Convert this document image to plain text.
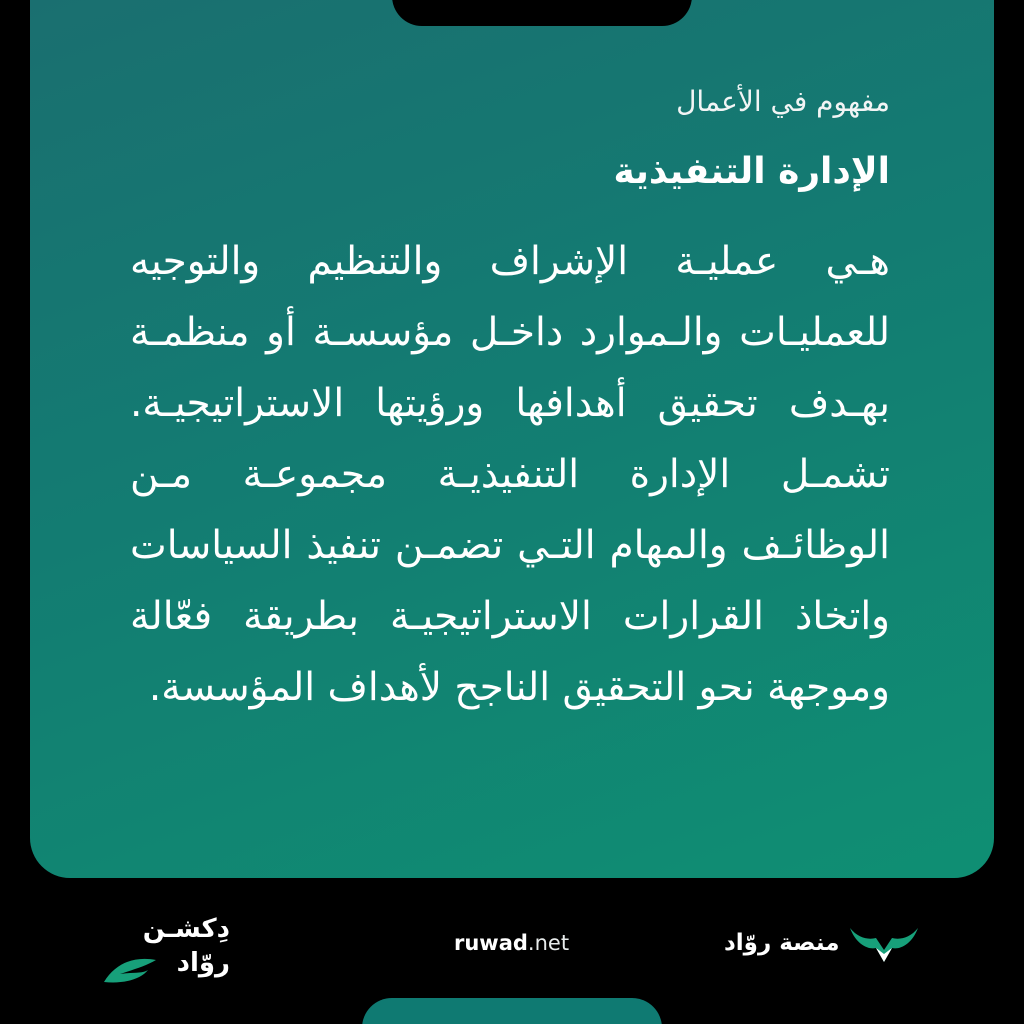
مفهوم في الأعمال
الإدارة التنفيذية
هـي عمليـة الإشراف والتنظيم والتوجيه للعمليـات والـموارد داخـل مؤسسـة أو منظمـة بهـدف تحقيق أهدافها ورؤيتها الاستراتيجيـة. تشمـل الإدارة التنفيذيـة مجموعـة مـن الوظائـف والمهام التـي تضمـن تنفيذ السياسات واتخاذ القرارات الاستراتيجيـة بطريقة فعّالة وموجهة نحو التحقيق الناجح لأهداف المؤسسة.
دِكشـن
روّاد
ruwad.net	منصة روّاد
